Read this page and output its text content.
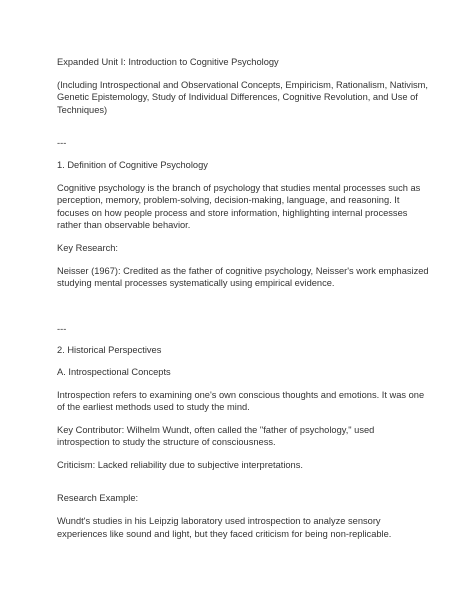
Expanded Unit I: Introduction to Cognitive Psychology

(Including Introspectional and Observational Concepts, Empiricism, Rationalism, Nativism, Genetic Epistemology, Study of Individual Differences, Cognitive Revolution, and Use of Techniques)

---

1. Definition of Cognitive Psychology

Cognitive psychology is the branch of psychology that studies mental processes such as perception, memory, problem-solving, decision-making, language, and reasoning. It focuses on how people process and store information, highlighting internal processes rather than observable behavior.

Key Research:

Neisser (1967): Credited as the father of cognitive psychology, Neisser's work emphasized studying mental processes systematically using empirical evidence.

---

2. Historical Perspectives

A. Introspectional Concepts

Introspection refers to examining one's own conscious thoughts and emotions. It was one of the earliest methods used to study the mind.

Key Contributor: Wilhelm Wundt, often called the "father of psychology," used introspection to study the structure of consciousness.

Criticism: Lacked reliability due to subjective interpretations.

Research Example:

Wundt's studies in his Leipzig laboratory used introspection to analyze sensory experiences like sound and light, but they faced criticism for being non-replicable.
